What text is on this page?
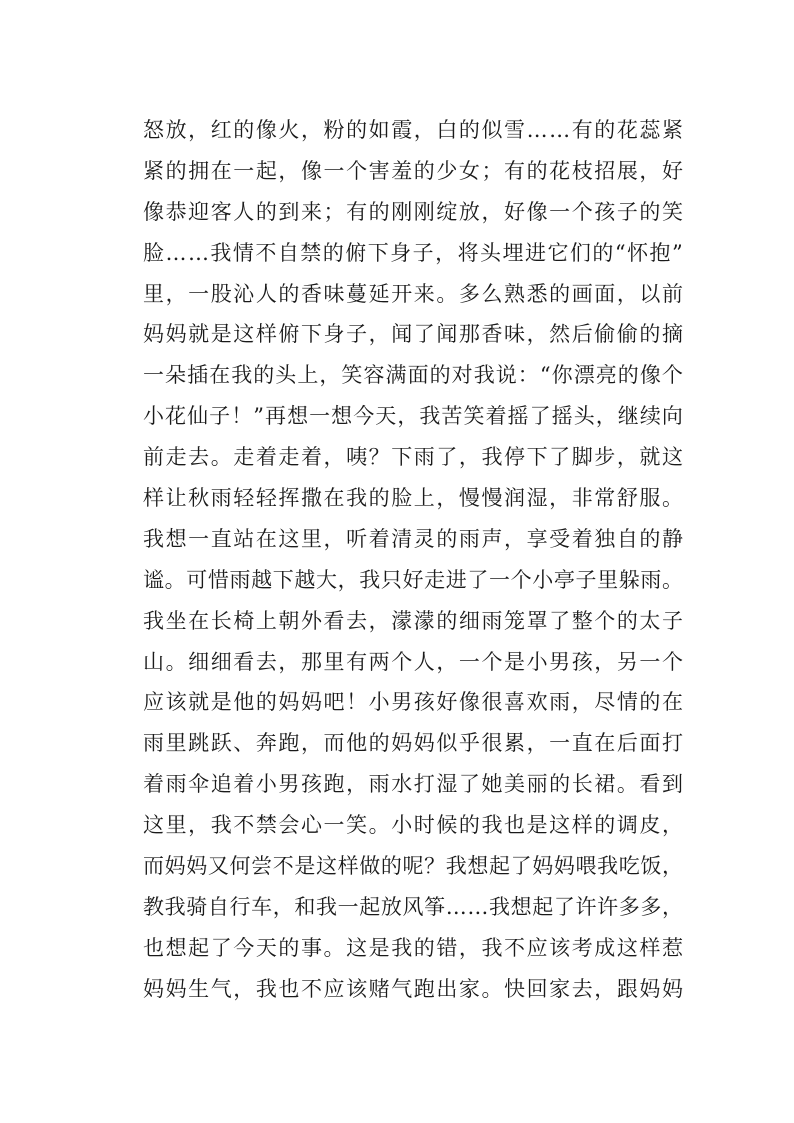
怒 放 ， 红 的 像 火 ， 粉 的 如 霞 ， 白 的 似 雪 … … 有 的 花 蕊 紧
紧 的 拥 在 一 起 ， 像 一 个 害 羞 的 少 女 ； 有 的 花 枝 招 展 ， 好
像 恭 迎 客 人 的 到 来 ； 有 的 刚 刚 绽 放 ， 好 像 一 个 孩 子 的 笑
脸 … … 我 情 不 自 禁 的 俯 下 身 子 ， 将 头 埋 进 它 们 的 “ 怀 抱 ”
里 ， 一 股 沁 人 的 香 味 蔓 延 开 来 。 多 么 熟 悉 的 画 面 ， 以 前
妈 妈 就 是 这 样 俯 下 身 子 ， 闻 了 闻 那 香 味 ， 然 后 偷 偷 的 摘
一 朵 插 在 我 的 头 上 ， 笑 容 满 面 的 对 我 说 ： “ 你 漂 亮 的 像 个
小 花 仙 子 ！ ” 再 想 一 想 今 天 ， 我 苦 笑 着 摇 了 摇 头 ， 继 续 向
前 走 去 。 走 着 走 着 ， 咦 ？ 下 雨 了 ， 我 停 下 了 脚 步 ， 就 这
样 让 秋 雨 轻 轻 挥 撒 在 我 的 脸 上 ， 慢 慢 润 湿 ， 非 常 舒 服 。
我 想 一 直 站 在 这 里 ， 听 着 清 灵 的 雨 声 ， 享 受 着 独 自 的 静
谧 。 可 惜 雨 越 下 越 大 ， 我 只 好 走 进 了 一 个 小 亭 子 里 躲 雨 。
我 坐 在 长 椅 上 朝 外 看 去 ， 濛 濛 的 细 雨 笼 罩 了 整 个 的 太 子
山 。 细 细 看 去 ， 那 里 有 两 个 人 ， 一 个 是 小 男 孩 ， 另 一 个
应 该 就 是 他 的 妈 妈 吧 ！ 小 男 孩 好 像 很 喜 欢 雨 ， 尽 情 的 在
雨 里 跳 跃 、 奔 跑 ， 而 他 的 妈 妈 似 乎 很 累 ， 一 直 在 后 面 打
着 雨 伞 追 着 小 男 孩 跑 ， 雨 水 打 湿 了 她 美 丽 的 长 裙 。 看 到
这 里 ， 我 不 禁 会 心 一 笑 。 小 时 候 的 我 也 是 这 样 的 调 皮 ，
而 妈 妈 又 何 尝 不 是 这 样 做 的 呢 ？ 我 想 起 了 妈 妈 喂 我 吃 饭 ，
教 我 骑 自 行 车 ， 和 我 一 起 放 风 筝 … … 我 想 起 了 许 许 多 多 ，
也 想 起 了 今 天 的 事 。 这 是 我 的 错 ， 我 不 应 该 考 成 这 样 惹
妈 妈 生 气 ， 我 也 不 应 该 赌 气 跑 出 家 。 快 回 家 去 ， 跟 妈 妈
